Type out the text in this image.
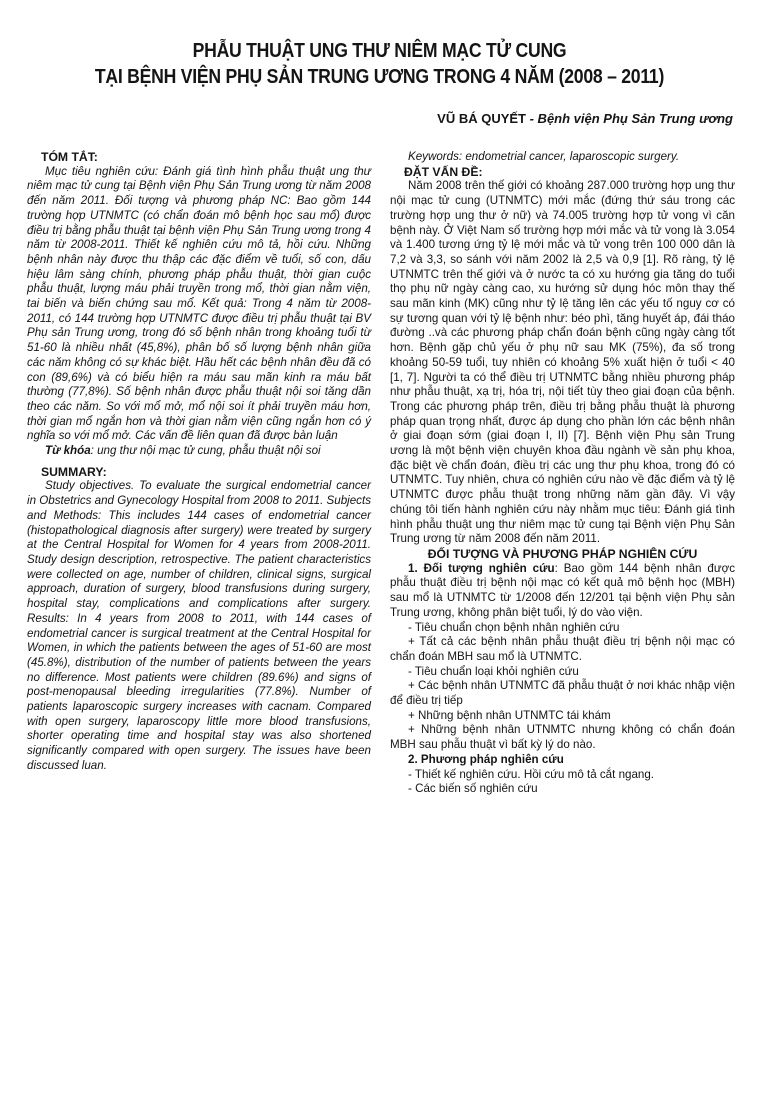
PHẪU THUẬT UNG THƯ NIÊM MẠC TỬ CUNG
TẠI BỆNH VIỆN PHỤ SẢN TRUNG ƯƠNG TRONG 4 NĂM (2008 – 2011)
VŨ BÁ QUYẾT - Bệnh viện Phụ Sản Trung ương

TÓM TẮT:

Mục tiêu nghiên cứu: Đánh giá tình hình phẫu thuật ung thư niêm mạc tử cung tại Bệnh viện Phụ Sản Trung ương từ năm 2008 đến năm 2011. Đối tượng và phương pháp NC: Bao gồm 144 trường hợp UTNMTC (có chẩn đoán mô bệnh học sau mổ) được điều trị bằng phẫu thuật tại bệnh viện Phụ Sản Trung ương trong 4 năm từ 2008-2011. Thiết kế nghiên cứu mô tả, hồi cứu. Những bệnh nhân này được thu thập các đặc điểm về tuổi, số con, dấu hiệu lâm sàng chính, phương pháp phẫu thuật, thời gian cuộc phẫu thuật, lượng máu phải truyền trong mổ, thời gian nằm viện, tai biến và biến chứng sau mổ. Kết quả: Trong 4 năm từ 2008- 2011, có 144 trường hợp UTNMTC được điều trị phẫu thuật tại BV Phụ sản Trung ương, trong đó số bệnh nhân trong khoảng tuổi từ 51-60 là nhiều nhất (45,8%), phân bố số lượng bệnh nhân giữa các năm không có sự khác biệt. Hầu hết các bệnh nhân đều đã có con (89,6%) và có biểu hiện ra máu sau mãn kinh ra máu bất thường (77,8%). Số bệnh nhân được phẫu thuật nội soi tăng dần theo các năm. So với mổ mở, mổ nội soi ít phải truyền máu hơn, thời gian mổ ngắn hơn và thời gian nằm viện cũng ngắn hơn có ý nghĩa so với mổ mở. Các vấn đề liên quan đã được bàn luận

Từ khóa: ung thư nội mạc tử cung, phẫu thuật nội soi

SUMMARY:

Study objectives. To evaluate the surgical endometrial cancer in Obstetrics and Gynecology Hospital from 2008 to 2011. Subjects and Methods: This includes 144 cases of endometrial cancer (histopathological diagnosis after surgery) were treated by surgery at the Central Hospital for Women for 4 years from 2008-2011. Study design description, retrospective. The patient characteristics were collected on age, number of children, clinical signs, surgical approach, duration of surgery, blood transfusions during surgery, hospital stay, complications and complications after surgery. Results: In 4 years from 2008 to 2011, with 144 cases of endometrial cancer is surgical treatment at the Central Hospital for Women, in which the patients between the ages of 51-60 are most (45.8%), distribution of the number of patients between the years no difference. Most patients were children (89.6%) and signs of post-menopausal bleeding irregularities (77.8%). Number of patients laparoscopic surgery increases with cacnam. Compared with open surgery, laparoscopy little more blood transfusions, shorter operating time and hospital stay was also shortened significantly compared with open surgery. The issues have been discussed luan.

Keywords: endometrial cancer, laparoscopic surgery.

ĐẶT VẤN ĐỀ:

Năm 2008 trên thế giới có khoảng 287.000 trường hợp ung thư nội mạc tử cung (UTNMTC) mới mắc (đứng thứ sáu trong các trường hợp ung thư ở nữ) và 74.005 trường hợp tử vong vì căn bệnh này. Ở Việt Nam số trường hợp mới mắc và tử vong là 3.054 và 1.400 tương ứng tỷ lệ mới mắc và tử vong trên 100 000 dân là 7,2 và 3,3, so sánh với năm 2002 là 2,5 và 0,9 [1]. Rõ ràng, tỷ lệ UTNMTC trên thế giới và ở nước ta có xu hướng gia tăng do tuổi thọ phụ nữ ngày càng cao, xu hướng sử dụng hóc môn thay thế sau mãn kinh (MK) cũng như tỷ lệ tăng lên các yếu tố nguy cơ có sự tương quan với tỷ lệ bệnh như: béo phì, tăng huyết áp, đái tháo đường ..và các phương pháp chẩn đoán bệnh cũng ngày càng tốt hơn. Bệnh gặp chủ yếu ở phụ nữ sau MK (75%), đa số trong khoảng 50-59 tuổi, tuy nhiên có khoảng 5% xuất hiện ở tuổi < 40 [1, 7]. Người ta có thể điều trị UTNMTC bằng nhiều phương pháp như phẫu thuật, xạ trị, hóa trị, nội tiết tùy theo giai đoạn của bệnh. Trong các phương pháp trên, điều trị bằng phẫu thuật là phương pháp quan trọng nhất, được áp dụng cho phần lớn các bệnh nhân ở giai đoạn sớm (giai đoạn I, II) [7]. Bệnh viện Phụ sản Trung ương là một bệnh viện chuyên khoa đầu ngành về sản phụ khoa, đặc biệt về chẩn đoán, điều trị các ung thư phụ khoa, trong đó có UTNMTC. Tuy nhiên, chưa có nghiên cứu nào về đặc điểm và tỷ lệ UTNMTC được phẫu thuật trong những năm gần đây. Vì vậy chúng tôi tiến hành nghiên cứu này nhằm mục tiêu: Đánh giá tình hình phẫu thuật ung thư niêm mạc tử cung tại Bệnh viện Phụ Sản Trung ương từ năm 2008 đến năm 2011.

ĐỐI TƯỢNG VÀ PHƯƠNG PHÁP NGHIÊN CỨU

1. Đối tượng nghiên cứu: Bao gồm 144 bệnh nhân được phẫu thuật điều trị bệnh nội mạc có kết quả mô bệnh học (MBH) sau mổ là UTNMTC từ 1/2008 đến 12/201 tại bệnh viện Phụ sản Trung ương, không phân biệt tuổi, lý do vào viện.

- Tiêu chuẩn chọn bệnh nhân nghiên cứu

+ Tất cả các bệnh nhân phẫu thuật điều trị bệnh nội mạc có chẩn đoán MBH sau mổ là UTNMTC.

- Tiêu chuẩn loại khỏi nghiên cứu

+ Các bệnh nhân UTNMTC đã phẫu thuật ở nơi khác nhập viện để điều trị tiếp

+ Những bệnh nhân UTNMTC tái khám

+ Những bệnh nhân UTNMTC nhưng không có chẩn đoán MBH sau phẫu thuật vì bất kỳ lý do nào.

2. Phương pháp nghiên cứu

- Thiết kế nghiên cứu. Hồi cứu mô tả cắt ngang.

- Các biến số nghiên cứu
